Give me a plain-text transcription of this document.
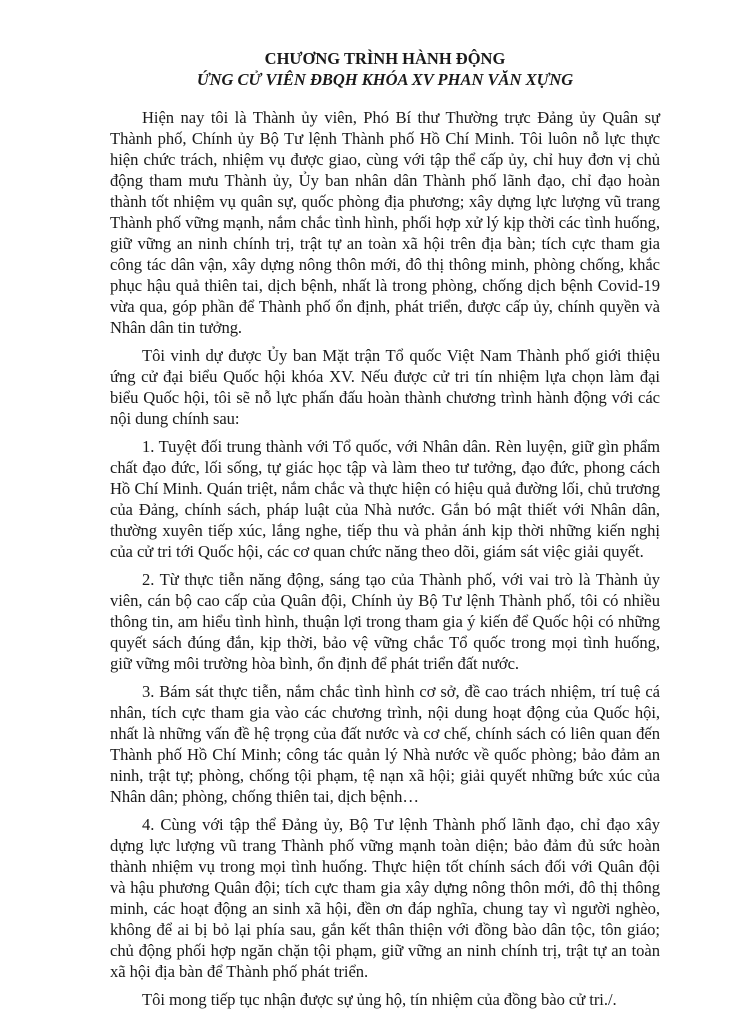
CHƯƠNG TRÌNH HÀNH ĐỘNG
ỨNG CỬ VIÊN ĐBQH KHÓA XV PHAN VĂN XỰNG

Hiện nay tôi là Thành ủy viên, Phó Bí thư Thường trực Đảng ủy Quân sự Thành phố, Chính ủy Bộ Tư lệnh Thành phố Hồ Chí Minh. Tôi luôn nỗ lực thực hiện chức trách, nhiệm vụ được giao, cùng với tập thể cấp ủy, chỉ huy đơn vị chủ động tham mưu Thành ủy, Ủy ban nhân dân Thành phố lãnh đạo, chỉ đạo hoàn thành tốt nhiệm vụ quân sự, quốc phòng địa phương; xây dựng lực lượng vũ trang Thành phố vững mạnh, nắm chắc tình hình, phối hợp xử lý kịp thời các tình huống, giữ vững an ninh chính trị, trật tự an toàn xã hội trên địa bàn; tích cực tham gia công tác dân vận, xây dựng nông thôn mới, đô thị thông minh, phòng chống, khắc phục hậu quả thiên tai, dịch bệnh, nhất là trong phòng, chống dịch bệnh Covid-19 vừa qua, góp phần để Thành phố ổn định, phát triển, được cấp ủy, chính quyền và Nhân dân tin tưởng.

Tôi vinh dự được Ủy ban Mặt trận Tổ quốc Việt Nam Thành phố giới thiệu ứng cử đại biểu Quốc hội khóa XV. Nếu được cử tri tín nhiệm lựa chọn làm đại biểu Quốc hội, tôi sẽ nỗ lực phấn đấu hoàn thành chương trình hành động với các nội dung chính sau:

1. Tuyệt đối trung thành với Tổ quốc, với Nhân dân. Rèn luyện, giữ gìn phẩm chất đạo đức, lối sống, tự giác học tập và làm theo tư tưởng, đạo đức, phong cách Hồ Chí Minh. Quán triệt, nắm chắc và thực hiện có hiệu quả đường lối, chủ trương của Đảng, chính sách, pháp luật của Nhà nước. Gắn bó mật thiết với Nhân dân, thường xuyên tiếp xúc, lắng nghe, tiếp thu và phản ánh kịp thời những kiến nghị của cử tri tới Quốc hội, các cơ quan chức năng theo dõi, giám sát việc giải quyết.

2. Từ thực tiễn năng động, sáng tạo của Thành phố, với vai trò là Thành ủy viên, cán bộ cao cấp của Quân đội, Chính ủy Bộ Tư lệnh Thành phố, tôi có nhiều thông tin, am hiểu tình hình, thuận lợi trong tham gia ý kiến để Quốc hội có những quyết sách đúng đắn, kịp thời, bảo vệ vững chắc Tổ quốc trong mọi tình huống, giữ vững môi trường hòa bình, ổn định để phát triển đất nước.

3. Bám sát thực tiễn, nắm chắc tình hình cơ sở, đề cao trách nhiệm, trí tuệ cá nhân, tích cực tham gia vào các chương trình, nội dung hoạt động của Quốc hội, nhất là những vấn đề hệ trọng của đất nước và cơ chế, chính sách có liên quan đến Thành phố Hồ Chí Minh; công tác quản lý Nhà nước về quốc phòng; bảo đảm an ninh, trật tự; phòng, chống tội phạm, tệ nạn xã hội; giải quyết những bức xúc của Nhân dân; phòng, chống thiên tai, dịch bệnh…

4. Cùng với tập thể Đảng ủy, Bộ Tư lệnh Thành phố lãnh đạo, chỉ đạo xây dựng lực lượng vũ trang Thành phố vững mạnh toàn diện; bảo đảm đủ sức hoàn thành nhiệm vụ trong mọi tình huống. Thực hiện tốt chính sách đối với Quân đội và hậu phương Quân đội; tích cực tham gia xây dựng nông thôn mới, đô thị thông minh, các hoạt động an sinh xã hội, đền ơn đáp nghĩa, chung tay vì người nghèo, không để ai bị bỏ lại phía sau, gắn kết thân thiện với đồng bào dân tộc, tôn giáo; chủ động phối hợp ngăn chặn tội phạm, giữ vững an ninh chính trị, trật tự an toàn xã hội địa bàn để Thành phố phát triển.

Tôi mong tiếp tục nhận được sự ủng hộ, tín nhiệm của đồng bào cử tri./.
